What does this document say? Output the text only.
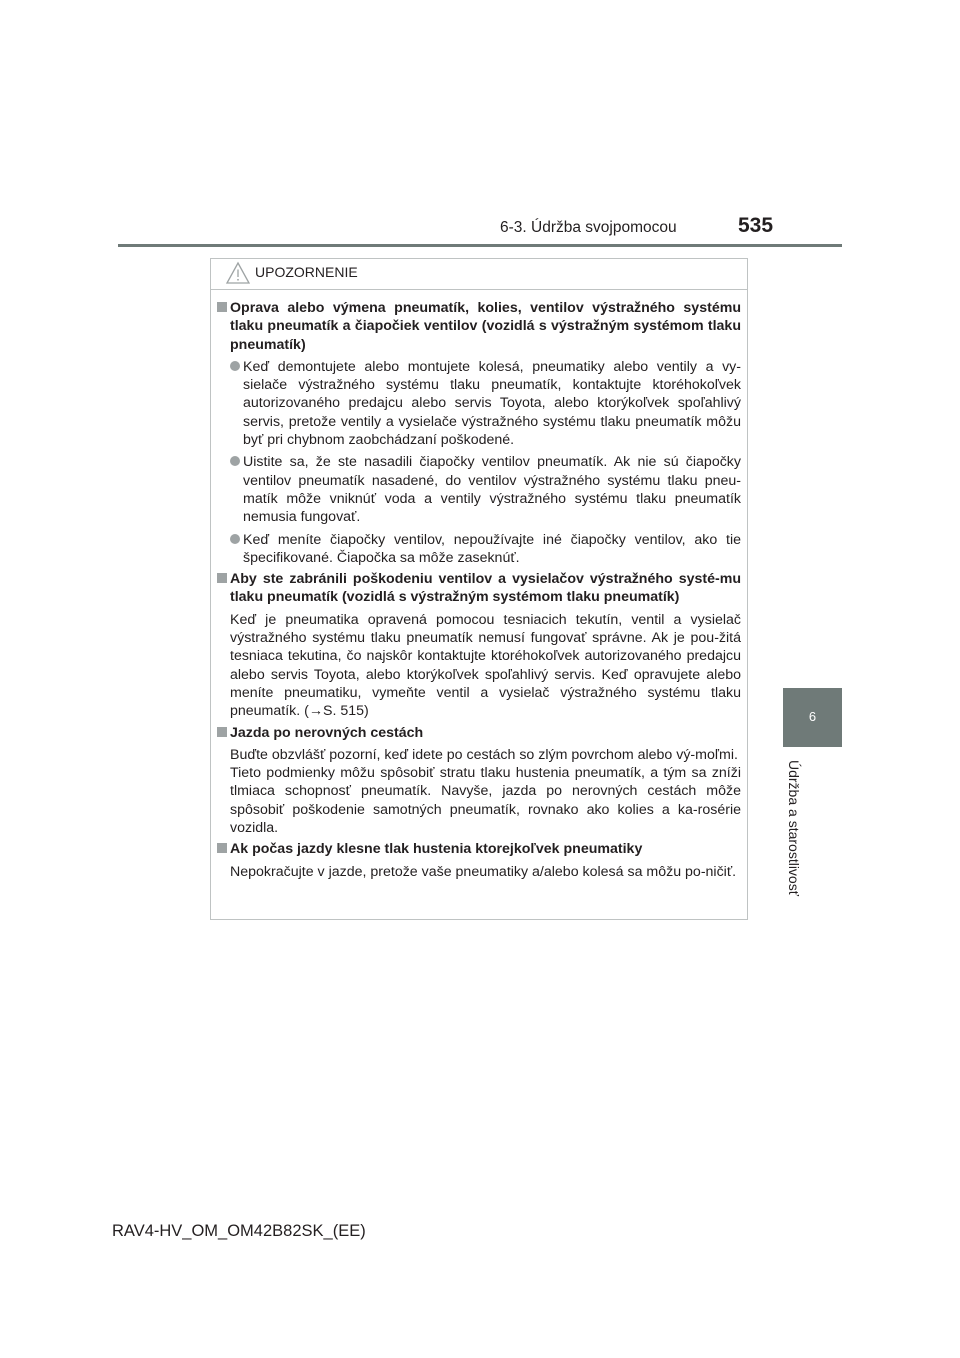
6-3. Údržba svojpomocou	535
6
Údržba a starostlivosť
UPOZORNENIE
Oprava alebo výmena pneumatík, kolies, ventilov výstražného systému tlaku pneumatík a čiapočiek ventilov (vozidlá s výstražným systémom tlaku pneumatík)
Keď demontujete alebo montujete kolesá, pneumatiky alebo ventily a vy-sielače výstražného systému tlaku pneumatík, kontaktujte ktoréhokoľvek autorizovaného predajcu alebo servis Toyota, alebo ktorýkoľvek spoľahlivý servis, pretože ventily a vysielače výstražného systému tlaku pneumatík môžu byť pri chybnom zaobchádzaní poškodené.
Uistite sa, že ste nasadili čiapočky ventilov pneumatík. Ak nie sú čiapočky ventilov pneumatík nasadené, do ventilov výstražného systému tlaku pneu-matík môže vniknúť voda a ventily výstražného systému tlaku pneumatík nemusia fungovať.
Keď meníte čiapočky ventilov, nepoužívajte iné čiapočky ventilov, ako tie špecifikované. Čiapočka sa môže zaseknúť.
Aby ste zabránili poškodeniu ventilov a vysielačov výstražného systé-mu tlaku pneumatík (vozidlá s výstražným systémom tlaku pneumatík)
Keď je pneumatika opravená pomocou tesniacich tekutín, ventil a vysielač výstražného systému tlaku pneumatík nemusí fungovať správne. Ak je pou-žitá tesniaca tekutina, čo najskôr kontaktujte ktoréhokoľvek autorizovaného predajcu alebo servis Toyota, alebo ktorýkoľvek spoľahlivý servis. Keď opravujete alebo meníte pneumatiku, vymeňte ventil a vysielač výstražného systému tlaku pneumatík. (→S. 515)
Jazda po nerovných cestách
Buďte obzvlášť pozorní, keď idete po cestách so zlým povrchom alebo vý-moľmi.
Tieto podmienky môžu spôsobiť stratu tlaku hustenia pneumatík, a tým sa zníži tlmiaca schopnosť pneumatík. Navyše, jazda po nerovných cestách môže spôsobiť poškodenie samotných pneumatík, rovnako ako kolies a ka-rosérie vozidla.
Ak počas jazdy klesne tlak hustenia ktorejkoľvek pneumatiky
Nepokračujte v jazde, pretože vaše pneumatiky a/alebo kolesá sa môžu po-ničiť.
RAV4-HV_OM_OM42B82SK_(EE)
